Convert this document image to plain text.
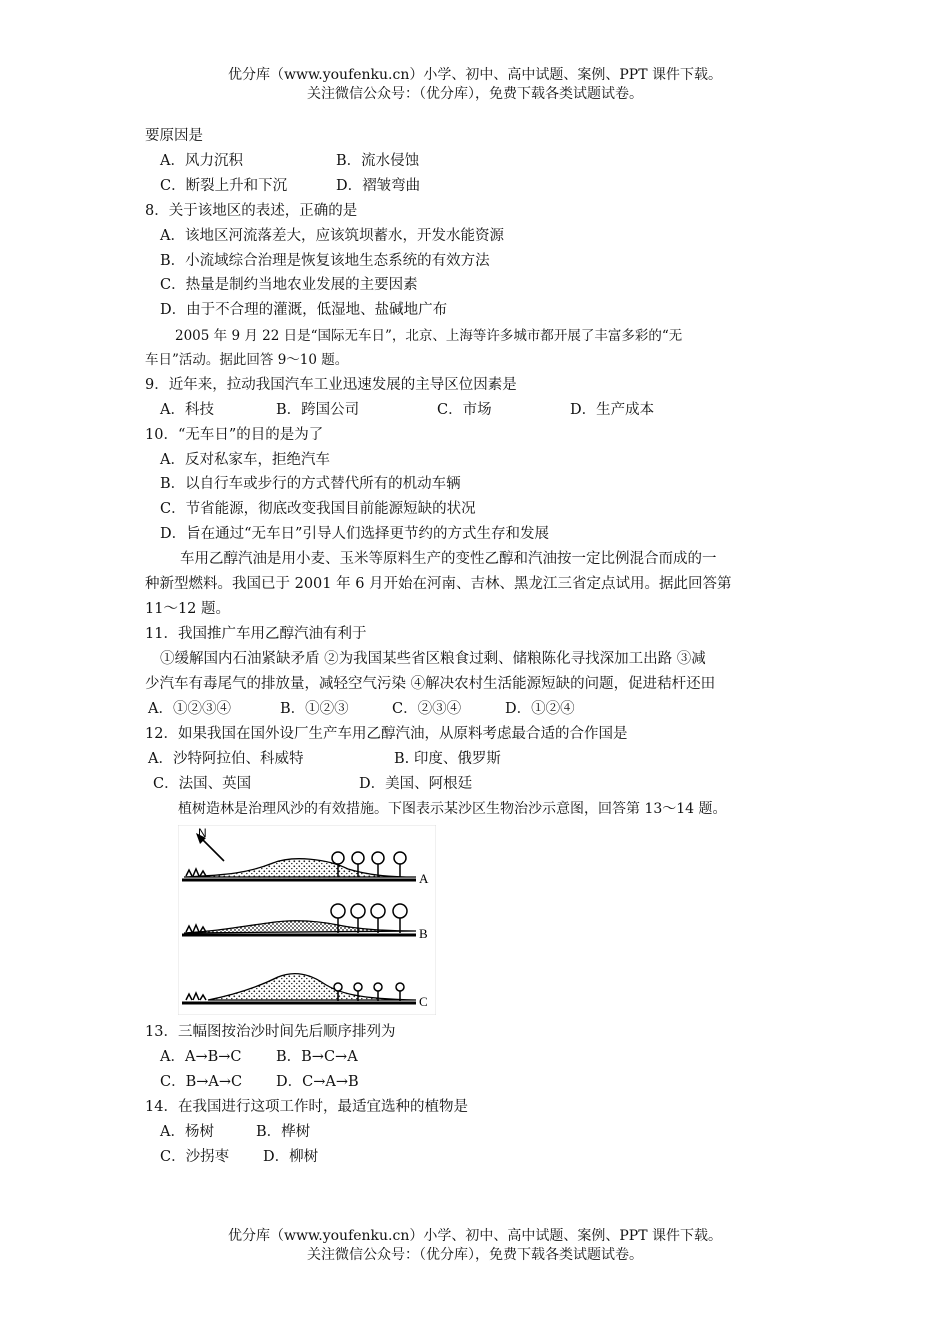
优分库（www.youfenku.cn）小学、初中、高中试题、案例、PPT 课件下载。
关注微信公众号：（优分库），免费下载各类试题试卷。
要原因是
A．风力沉积	B．流水侵蚀
C．断裂上升和下沉	D．褶皱弯曲
8．关于该地区的表述，正确的是
A．该地区河流落差大，应该筑坝蓄水，开发水能资源
B．小流域综合治理是恢复该地生态系统的有效方法
C．热量是制约当地农业发展的主要因素
D．由于不合理的灌溉，低湿地、盐碱地广布
2005 年 9 月 22 日是“国际无车日”，北京、上海等许多城市都开展了丰富多彩的“无
车日”活动。据此回答 9～10 题。
9．近年来，拉动我国汽车工业迅速发展的主导区位因素是
A．科技	B．跨国公司	C．市场	D．生产成本
10．“无车日”的目的是为了
A．反对私家车，拒绝汽车
B．以自行车或步行的方式替代所有的机动车辆
C．节省能源，彻底改变我国目前能源短缺的状况
D．旨在通过“无车日”引导人们选择更节约的方式生存和发展
车用乙醇汽油是用小麦、玉米等原料生产的变性乙醇和汽油按一定比例混合而成的一
种新型燃料。我国已于 2001 年 6 月开始在河南、吉林、黑龙江三省定点试用。据此回答第
11～12 题。
11．我国推广车用乙醇汽油有利于
①缓解国内石油紧缺矛盾 ②为我国某些省区粮食过剩、储粮陈化寻找深加工出路 ③减
少汽车有毒尾气的排放量，减轻空气污染 ④解决农村生活能源短缺的问题，促进秸杆还田
A．①②③④	B．①②③	C．②③④	D．①②④
12．如果我国在国外设厂生产车用乙醇汽油，从原料考虑最合适的合作国是
A．沙特阿拉伯、科威特	B. 印度、俄罗斯
C．法国、英国	D．美国、阿根廷
植树造林是治理风沙的有效措施。下图表示某沙区生物治沙示意图，回答第 13～14 题。
N
A
B
C
13．三幅图按治沙时间先后顺序排列为
A．A→B→C B．B→C→A
C．B→A→C D．C→A→B
14．在我国进行这项工作时，最适宜选种的植物是
A．杨树	B．桦树
C．沙拐枣 D．柳树
优分库（www.youfenku.cn）小学、初中、高中试题、案例、PPT 课件下载。
关注微信公众号：（优分库），免费下载各类试题试卷。
